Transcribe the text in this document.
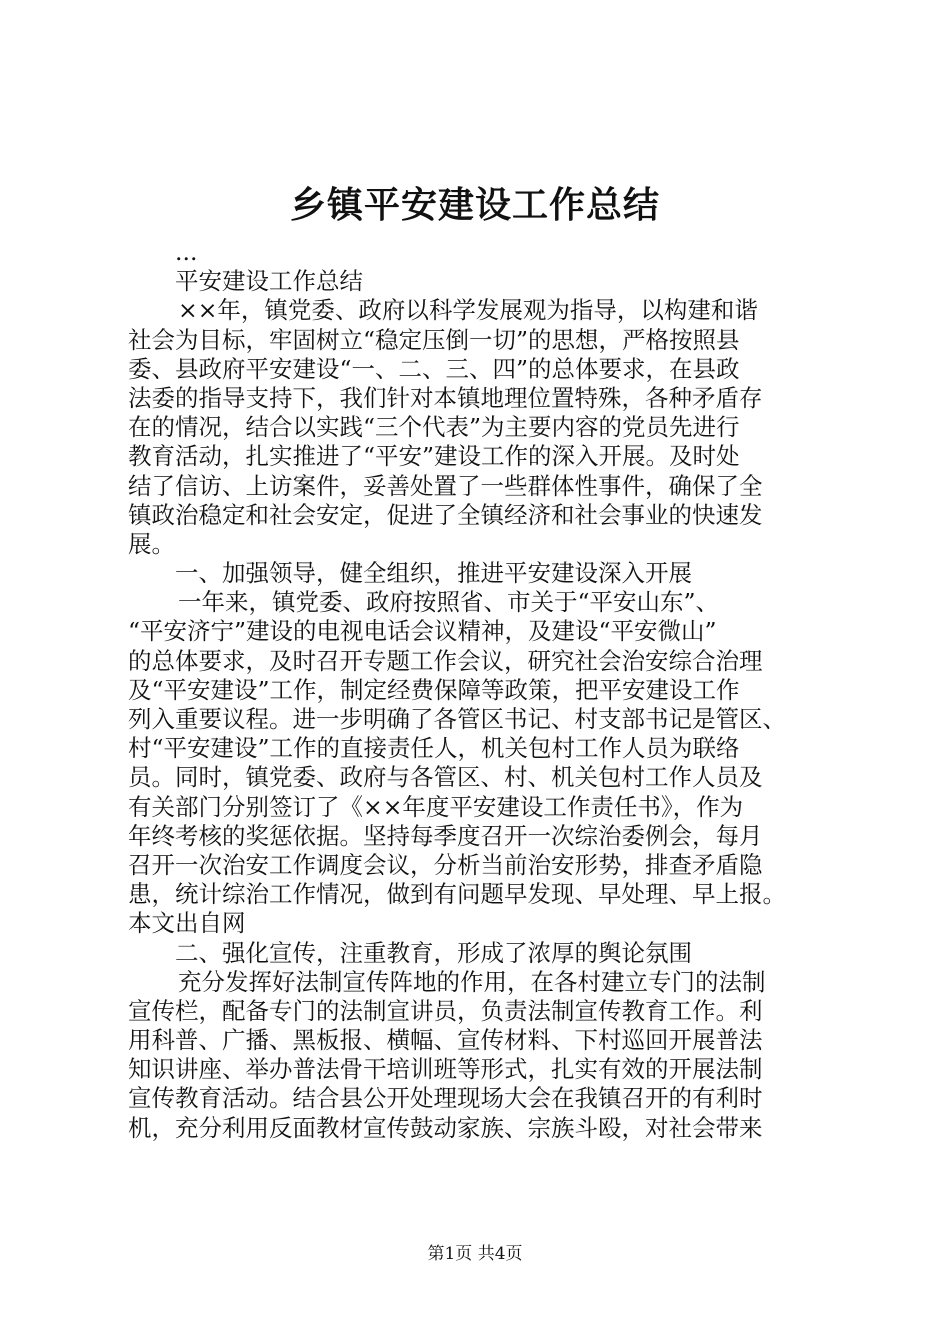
乡镇平安建设工作总结
...
平安建设工作总结
××年，镇党委、政府以科学发展观为指导，以构建和谐
社会为目标，牢固树立“稳定压倒一切”的思想，严格按照县
委、县政府平安建设“一、二、三、四”的总体要求，在县政
法委的指导支持下，我们针对本镇地理位置特殊，各种矛盾存
在的情况，结合以实践“三个代表”为主要内容的党员先进行
教育活动，扎实推进了“平安”建设工作的深入开展。及时处
结了信访、上访案件，妥善处置了一些群体性事件，确保了全
镇政治稳定和社会安定，促进了全镇经济和社会事业的快速发
展。
一、加强领导，健全组织，推进平安建设深入开展
一年来，镇党委、政府按照省、市关于“平安山东”、
“平安济宁”建设的电视电话会议精神，及建设“平安微山”
的总体要求，及时召开专题工作会议，研究社会治安综合治理
及“平安建设”工作，制定经费保障等政策，把平安建设工作
列入重要议程。进一步明确了各管区书记、村支部书记是管区、
村“平安建设”工作的直接责任人，机关包村工作人员为联络
员。同时，镇党委、政府与各管区、村、机关包村工作人员及
有关部门分别签订了《××年度平安建设工作责任书》，作为
年终考核的奖惩依据。坚持每季度召开一次综治委例会，每月
召开一次治安工作调度会议，分析当前治安形势，排查矛盾隐
患，统计综治工作情况，做到有问题早发现、早处理、早上报。
本文出自网
二、强化宣传，注重教育，形成了浓厚的舆论氛围
充分发挥好法制宣传阵地的作用，在各村建立专门的法制
宣传栏，配备专门的法制宣讲员，负责法制宣传教育工作。利
用科普、广播、黑板报、横幅、宣传材料、下村巡回开展普法
知识讲座、举办普法骨干培训班等形式，扎实有效的开展法制
宣传教育活动。结合县公开处理现场大会在我镇召开的有利时
机，充分利用反面教材宣传鼓动家族、宗族斗殴，对社会带来
第1页 共4页
